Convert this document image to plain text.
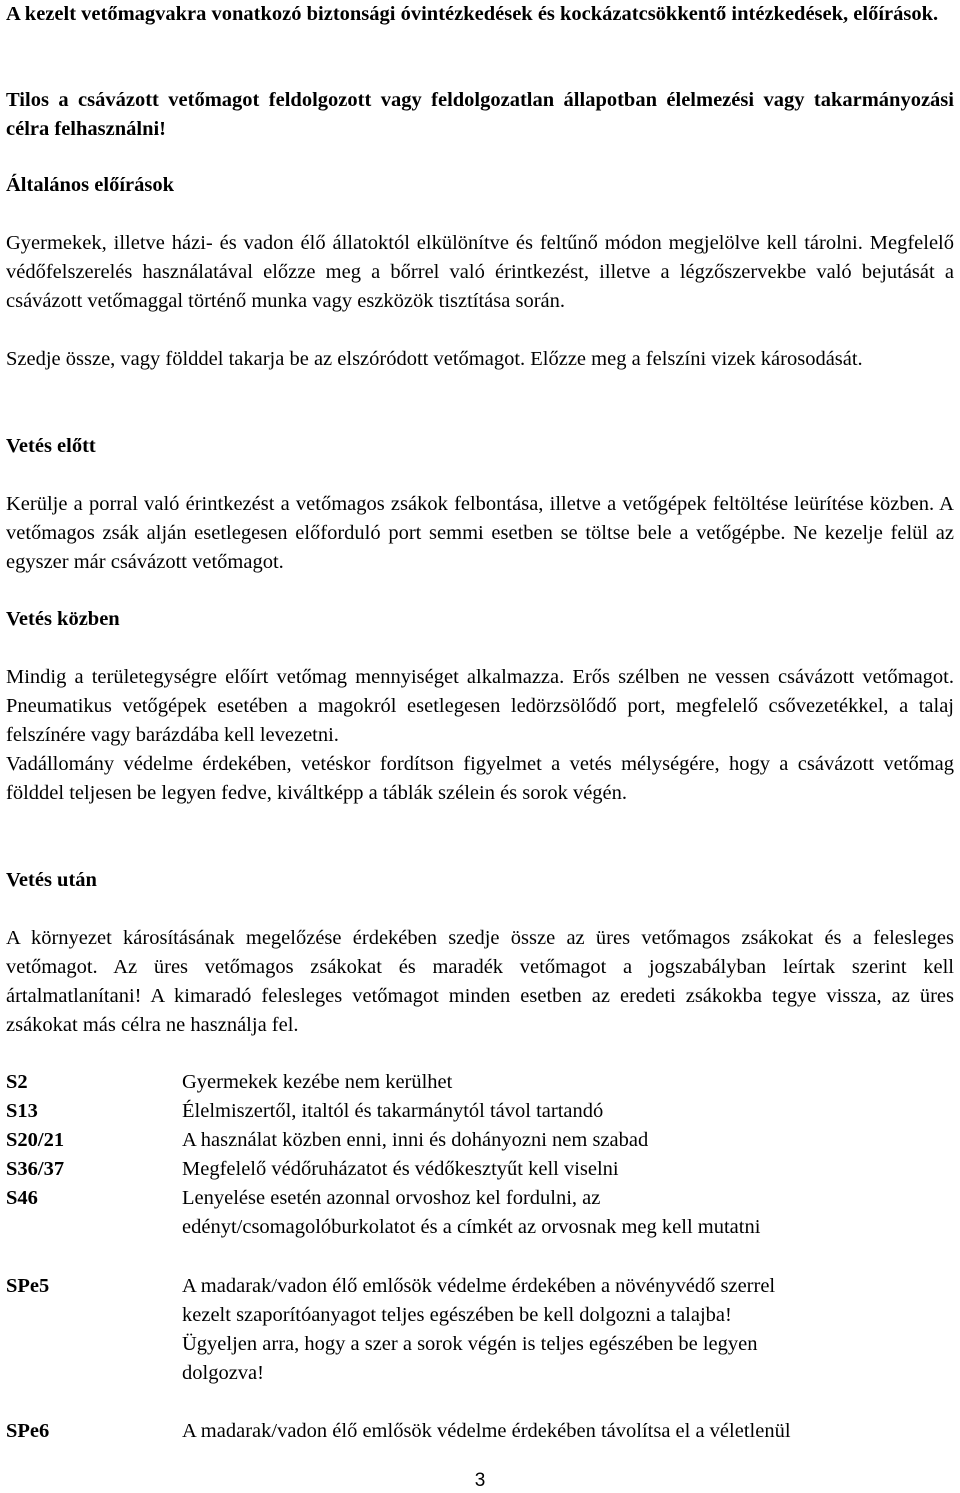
A kezelt vetőmagvakra vonatkozó biztonsági óvintézkedések és kockázatcsökkentő intézkedések, előírások.

Tilos a csávázott vetőmagot feldolgozott vagy feldolgozatlan állapotban élelmezési vagy takarmányozási célra felhasználni!

Általános előírások

Gyermekek, illetve házi- és vadon élő állatoktól elkülönítve és feltűnő módon megjelölve kell tárolni. Megfelelő védőfelszerelés használatával előzze meg a bőrrel való érintkezést, illetve a légzőszervekbe való bejutását a csávázott vetőmaggal történő munka vagy eszközök tisztítása során.

Szedje össze, vagy földdel takarja be az elszóródott vetőmagot. Előzze meg a felszíni vizek károsodását.

Vetés előtt

Kerülje a porral való érintkezést a vetőmagos zsákok felbontása, illetve a vetőgépek feltöltése leürítése közben. A vetőmagos zsák alján esetlegesen előforduló port semmi esetben se töltse bele a vetőgépbe. Ne kezelje felül az egyszer már csávázott vetőmagot.

Vetés közben

Mindig a területegységre előírt vetőmag mennyiséget alkalmazza. Erős szélben ne vessen csávázott vetőmagot. Pneumatikus vetőgépek esetében a magokról esetlegesen ledörzsölődő port, megfelelő csővezetékkel, a talaj felszínére vagy barázdába kell levezetni.

Vadállomány védelme érdekében, vetéskor fordítson figyelmet a vetés mélységére, hogy a csávázott vetőmag földdel teljesen be legyen fedve, kiváltképp a táblák szélein és sorok végén.

Vetés után

A környezet károsításának megelőzése érdekében szedje össze az üres vetőmagos zsákokat és a felesleges vetőmagot. Az üres vetőmagos zsákokat és maradék vetőmagot a jogszabályban leírtak szerint kell ártalmatlanítani! A kimaradó felesleges vetőmagot minden esetben az eredeti zsákokba tegye vissza, az üres zsákokat más célra ne használja fel.

S2	Gyermekek kezébe nem kerülhet
S13	Élelmiszertől, italtól és takarmánytól távol tartandó
S20/21	A használat közben enni, inni és dohányozni nem szabad
S36/37	Megfelelő védőruházatot és védőkesztyűt kell viselni
S46	Lenyelése esetén azonnal orvoshoz kel fordulni, az
edényt/csomagolóburkolatot és a címkét az orvosnak meg kell mutatni
SPe5	A madarak/vadon élő emlősök védelme érdekében a növényvédő szerrel
kezelt szaporítóanyagot teljes egészében be kell dolgozni a talajba!
Ügyeljen arra, hogy a szer a sorok végén is teljes egészében be legyen
dolgozva!
SPe6	A madarak/vadon élő emlősök védelme érdekében távolítsa el a véletlenül
3
